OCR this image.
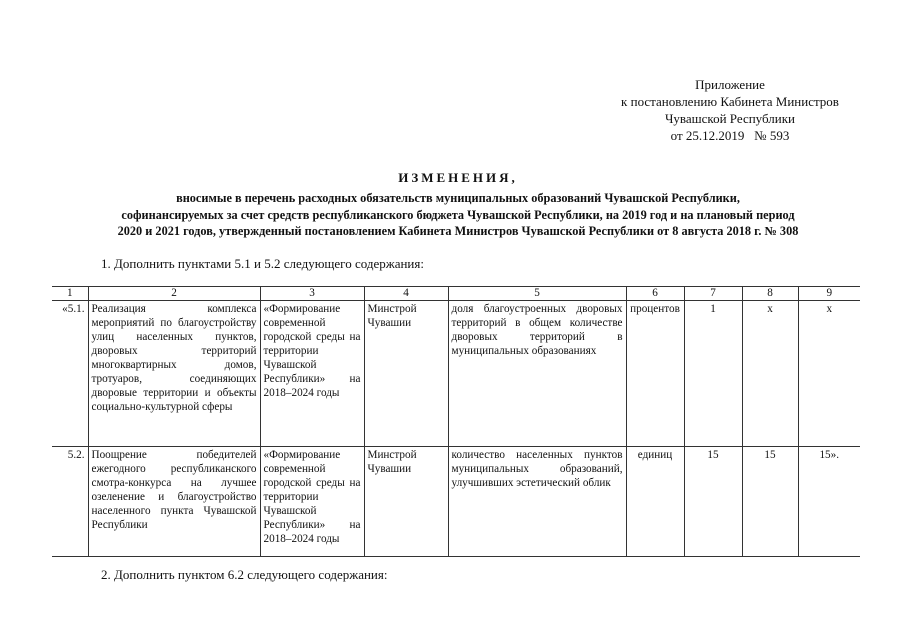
Приложение
к постановлению Кабинета Министров
Чувашской Республики
от 25.12.2019   № 593
ИЗМЕНЕНИЯ,
вносимые в перечень расходных обязательств муниципальных образований Чувашской Республики,
софинансируемых за счет средств республиканского бюджета Чувашской Республики, на 2019 год и на плановый период
2020 и 2021 годов, утвержденный постановлением Кабинета Министров Чувашской Республики от 8 августа 2018 г. № 308
1. Дополнить пунктами 5.1 и 5.2 следующего содержания:
1	2	3	4	5	6	7	8	9
«5.1.	Реализация комплекса мероприятий по благоустройству улиц населенных пунктов, дворовых территорий многоквартирных домов, тротуаров, соединяющих дворовые территории и объекты социально-культурной сферы	«Формирование современной городской среды на территории Чувашской Республики» на 2018–2024 годы	Минстрой Чувашии	доля благоустроенных дворовых территорий в общем количестве дворовых территорий в муниципальных образованиях	процентов	1	х	х
5.2.	Поощрение победителей ежегодного республиканского смотра-конкурса на лучшее озеленение и благоустройство населенного пункта Чувашской Республики	«Формирование современной городской среды на территории Чувашской Республики» на 2018–2024 годы	Минстрой Чувашии	количество населенных пунктов муниципальных образований, улучшивших эстетический облик	единиц	15	15	15».
2. Дополнить пунктом 6.2 следующего содержания:
